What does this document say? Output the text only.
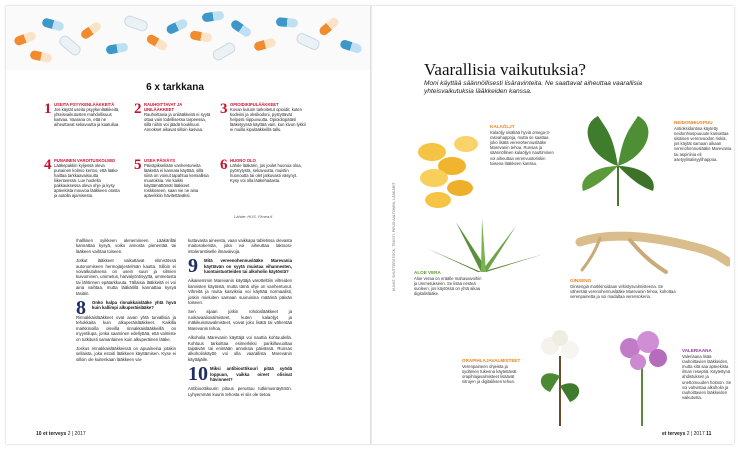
6 x tarkkana
1 USEITA PSYYKENLÄÄKKEITÄ
Jos käytät useita psyykenlääkkeitä, yhteisvaikutusten mahdollisuus kasvaa. Vaarana on, että ne aiheuttavat sekavuutta ja kaatuilua.
2 RAUHOITTAVAT JA UNILÄÄKKEET
Rauhoittavia ja unilääkkeitä ei syytä ottaa vain todellisessa tarpeessa, sillä niihin voi jäädä koukkuun. Annokset aikavat silloin kasvaa.
3 OPIOIDIKIPULÄÄKKEET
Kovan kuluon tarkoitetut opioidit, kuten kodeiini ja oksikodoni, pystyttävät helposti riippuvuutta. Opioidiopätäsi lääketyyssä käyttää vain, kun kivun lykkii ei muilla kipulääkkeillä tallu.
4 PUNAINEN VAROITUSKOLMIO
Lääkepakkin kyljessä oleva punainen kolmio kertoo, että lääke haittaa tarkkaavaisuutta liikenteessä. Lue huolella pakkauksessa oleva ohje ja kysy apteekista mouvoa lääkkeen otosta ja autolla ajamisesta.
5 USEA PÄIVÄYS
Päiväpikseliään vanhentuneita lääkettä ei kannata käyttää, sillä siinä on voinut tapahtua kemiallisia muutoksia. Vie kaikki käyttämättömät lääkkeet roskkoseen, saan vie ne aina apteekkiin hävitettäväksi.
6 HUONO OLO
Lähde lääkärin, jos joulet huonoa oloa, pyörrytystä, sekavuutta, muistin huonoutta tai olet jatkuvasti väsynyt. Kysy voi olla lääkehaitasta.
Lähde: HUS, Fimea.fi

Ihalllinen syikkeen alenemineen. Lääkärilläi kannattaa kysyä, voiko annosta pienentää tai lääkeen vaihtaa toiseen.

Jotkut lääkkeet vaikuttavat elimistössä autonomiseen hermojärjestelmän kautta. Silloin ei voivalkutuksena on usein suun ja silmien kuivuminen, ummetus, harvalyöntisyyttä, ummetusta tai lähtinnen epätarkkuuta. Tällaisia lääkkeitä ei voi aina vaihtaa, mutta lääkärillä kannattaa kysyä täsiäin.

8 Onko halpa rinnakkaislääke yhtä hyvä kuin kallimpi alkuperäislääke?

Rinnakkaislääkkeet ovat aivan yhtä turvallisia ja tehokkaita kuin alkuperäislääkkeet. Kaikilla markkinoilla olevilla rinnakkaislääkkeillä on myyntilupa, jonka saaminen edellyttää, että valmiste on tutkitusti samanlainen kuin alkuperäinen lääke.

Joskus rinnakkaislääkkeissä on apuaineina jotakin sellaista, joka estoiti lääkkeen käyttämisen. Kyse ei silloin ole kuitenkaan lääkkeen vai-

kuttavasta aineesta, vaan vaikkapa tabletissa olevasta maitosokerista, joka voi aiheuttaa laktoosi-intoleranttiselle ilmavaivoja.

9 Mitä vereenohennuslääke Marevania käyttävän on syytä muistaa vihannesten, luontaistuotteiden tai alkoholin käytöstä?

Aikaisemmin Marevanin käyttäjä varottelttiin viltreiden kanvisten käytöstä, mutta tämä ohje on vanhentunut. Vihreitä ja muita kasviksia voi käyttää normaalisti, joskin mieluiten samaan suuruisina määrinä päivän toiseen.

Sen sijaan jotkin rohdoslääkkeet ja ruokavaaliovalmisteet, kuten kalaöljyt ja mäkikuismavalmisteet, voivat joko lisätä tai vähentää Marevanin tehoa.

Alkoholia Marevanin käyttäjä voi nauttia kohtuudella. Kohtuus tarkoittaa esimerkiksi parikilluvuoltaa taipäivän tai enintään annoksia päivässä. Runsas alkoholinkäyttö voi olla vaarallista Marevanin käyttäjälle.

10 Miksi antibioottikuuri pitää syödä loppuun, vaikka oireet olisivat hävinneet?

Antibioottikuurin pituus perustuu tutkimusnäyttöön. Lyhyemmän kuurin tehosta ei siis ole tietoa.

10 et terveys 2 | 2017
Vaarallisia vaikutuksia?
Moni käyttää säännöllisesti lisäravinteita. Ne saattavat aiheuttaa vaarallisia yhteisvaikutuksia lääkkeiden kanssa.
KALAÖLJY
Kalaöljy sisältää hyviä omega-3-rasvahappoja, mutta se saattaa joko lisätä verenohennuslääke Marevanin tehoa. Runsas ja säännöllinen kalaöljyn nauttiminen voi aiheuttaa verenvuotoriskin toisena lääkkeen kanssa.
NEIDONHIUSPUU
Antioksidantina käytetty neidonhiuspuuuute kasvattaa sisäisen verenvuodon riskiä, jos käytät samaan aikaan verenohennuslääke Marevania tai aspiriinia eli asetyylisalisyylihappoa.
ALOE VERA
Aloe veraa on eräälle mahavaivoihin ja ummetukseen. Se lisää nesteä suoleen, jos käytössä on yhtä aikaa digitalislääke.
GINSENG
Ginsengiä markkinoidaan virkistysvalmisteena. Se vähentää verenohennuslääke Marevanin tehoa, kohottaa verenpainetta ja voi madaltaa verensokeria.
ORAPIHLAJAVALMISTEET
Verenpaineen ohjeista ja sydämen tukeena käytettävät orapihlajavalmisteet lisäävät nitrojen ja digitaliksen tehoa.
VALERIAANA
Valeriaana lisää rauhoittavien lääkkeiden, mutta sitä saa apteekista ilman reseptiä. Käytettynä ahdistuksen ja unettomuuden hoitoon. Se voi vahvistaa alkoholin ja rauhoittavien lääkkeiden vaikutusta.
et terveys 2 | 2017 11
KUVAT: SHUTTERSTOCK, TEKSTI: PIRJO AALTONEN, LÄÄKÄRIT
